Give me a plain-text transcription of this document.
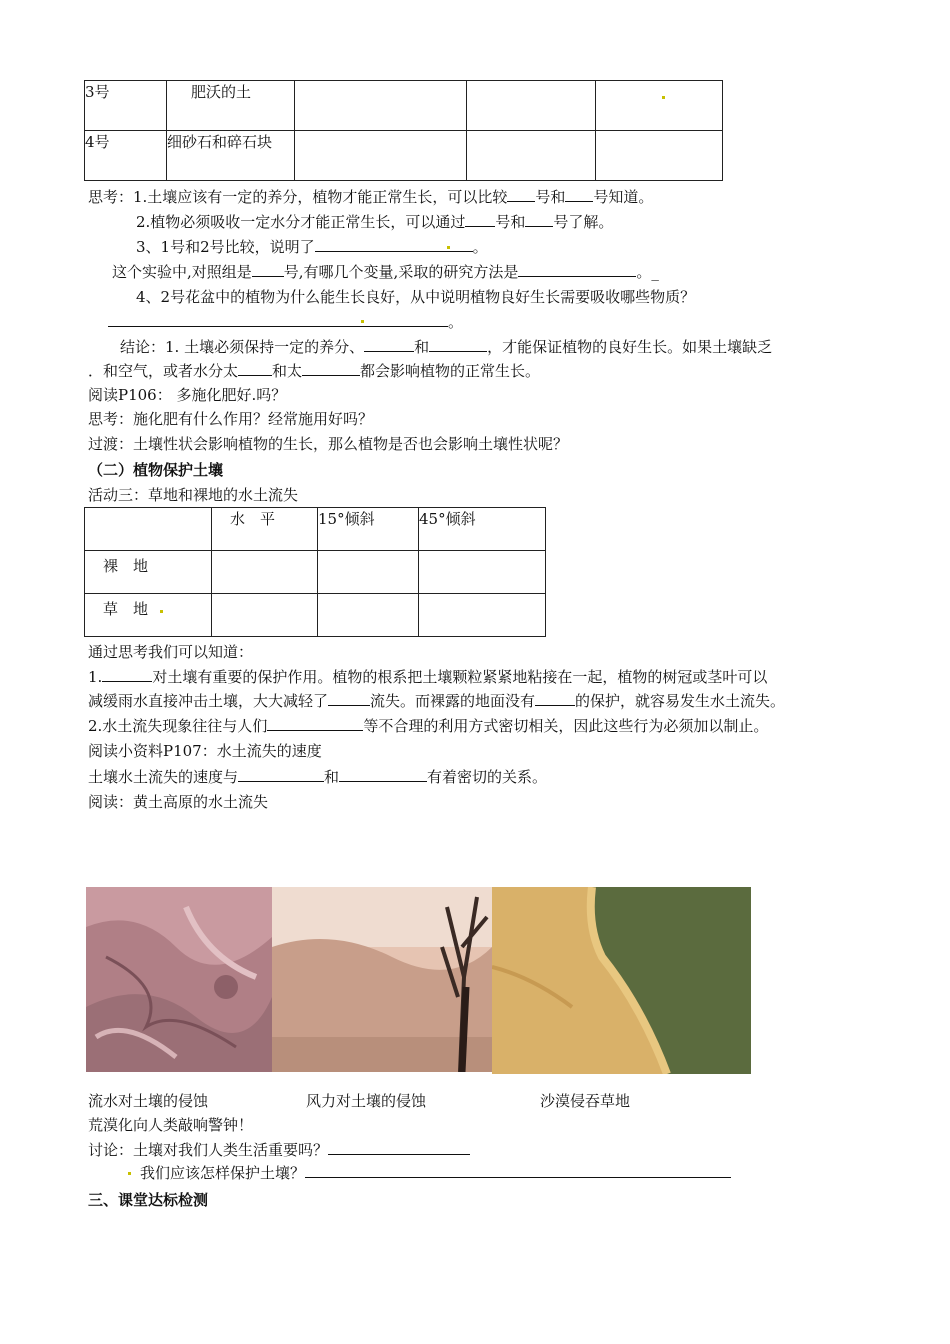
3号	肥沃的土			
4号	细砂石和碎石块			
思考：1.土壤应该有一定的养分，植物才能正常生长，可以比较 号和 号知道。
2.植物必须吸收一定水分才能正常生长，可以通过 号和 号了解。
3、1号和2号比较，说明了	。
这个实验中,对照组是 号,有哪几个变量,采取的研究方法是	。_
4、2号花盆中的植物为什么能生长良好，从中说明植物良好生长需要吸收哪些物质？
。
结论：1. 土壤必须保持一定的养分、	和	，才能保证植物的良好生长。如果土壤缺乏
．和空气，或者水分太 和太	都会影响植物的正常生长。
阅读P106： 多施化肥好.吗？
思考：施化肥有什么作用？经常施用好吗？
过渡：土壤性状会影响植物的生长，那么植物是否也会影响土壤性状呢？
（二）植物保护土壤
活动三：草地和裸地的水土流失
	水　平	15°倾斜	45°倾斜
裸　地			
草　地			
通过思考我们可以知道：
1.	对土壤有重要的保护作用。植物的根系把土壤颗粒紧紧地粘接在一起，植物的树冠或茎叶可以
减缓雨水直接冲击土壤，大大减轻了	流失。而裸露的地面没有	的保护，就容易发生水土流失。
2.水土流失现象往往与人们	等不合理的利用方式密切相关，因此这些行为必须加以制止。
阅读小资料P107：水土流失的速度
土壤水土流失的速度与	和	有着密切的关系。
阅读：黄土高原的水土流失
流水对土壤的侵蚀	风力对土壤的侵蚀	沙漠侵吞草地
荒漠化向人类敲响警钟！
讨论：土壤对我们人类生活重要吗？
我们应该怎样保护土壤？
三、课堂达标检测
